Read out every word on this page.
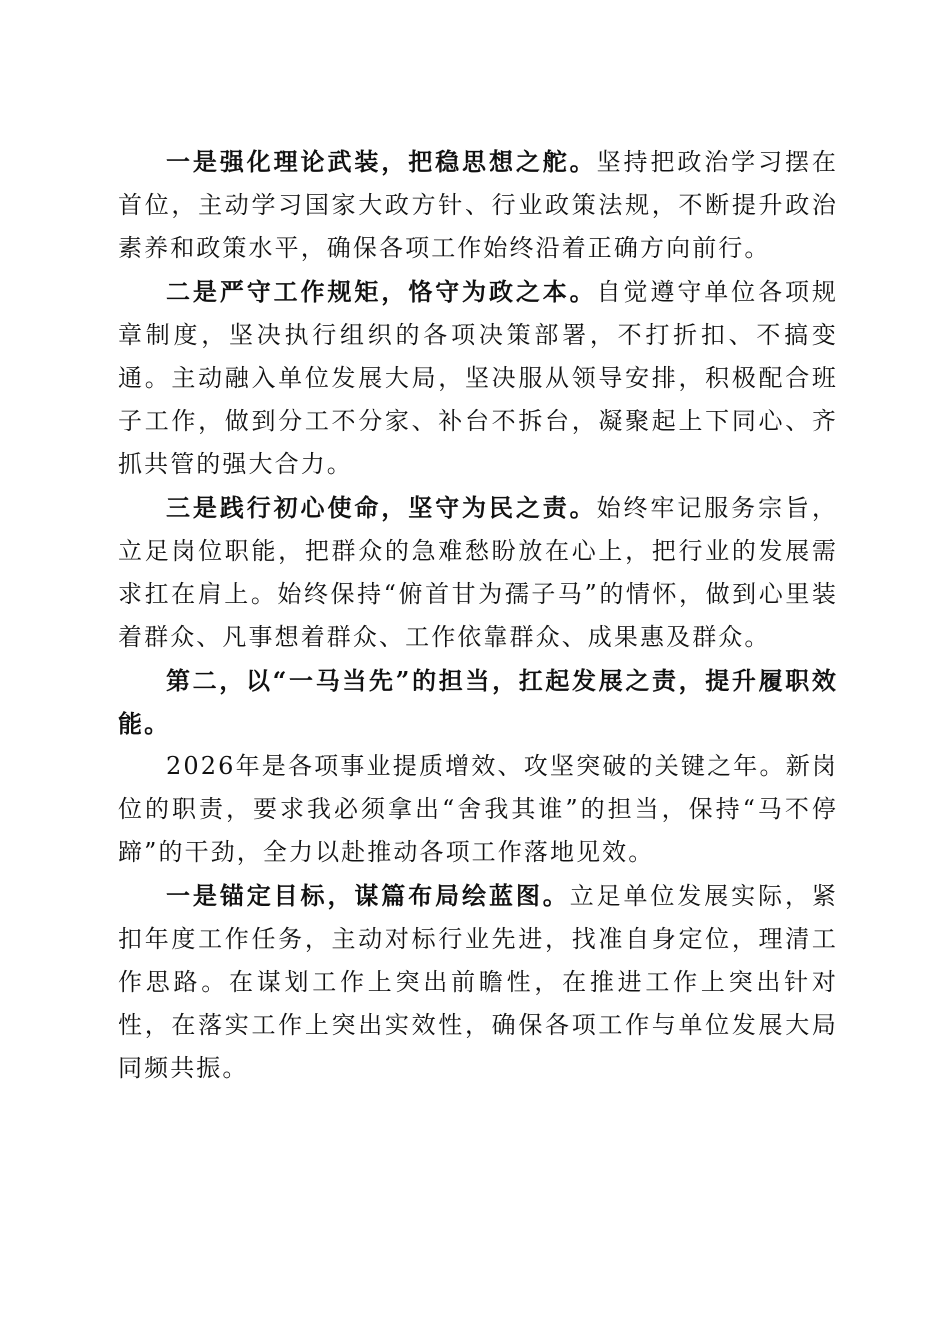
一是强化理论武装，把稳思想之舵。坚持把政治学习摆在首位，主动学习国家大政方针、行业政策法规，不断提升政治素养和政策水平，确保各项工作始终沿着正确方向前行。

二是严守工作规矩，恪守为政之本。自觉遵守单位各项规章制度，坚决执行组织的各项决策部署，不打折扣、不搞变通。主动融入单位发展大局，坚决服从领导安排，积极配合班子工作，做到分工不分家、补台不拆台，凝聚起上下同心、齐抓共管的强大合力。

三是践行初心使命，坚守为民之责。始终牢记服务宗旨，立足岗位职能，把群众的急难愁盼放在心上，把行业的发展需求扛在肩上。始终保持“俯首甘为孺子马”的情怀，做到心里装着群众、凡事想着群众、工作依靠群众、成果惠及群众。

第二，以“一马当先”的担当，扛起发展之责，提升履职效能。

2026年是各项事业提质增效、攻坚突破的关键之年。新岗位的职责，要求我必须拿出“舍我其谁”的担当，保持“马不停蹄”的干劲，全力以赴推动各项工作落地见效。

一是锚定目标，谋篇布局绘蓝图。立足单位发展实际，紧扣年度工作任务，主动对标行业先进，找准自身定位，理清工作思路。在谋划工作上突出前瞻性，在推进工作上突出针对性，在落实工作上突出实效性，确保各项工作与单位发展大局同频共振。
